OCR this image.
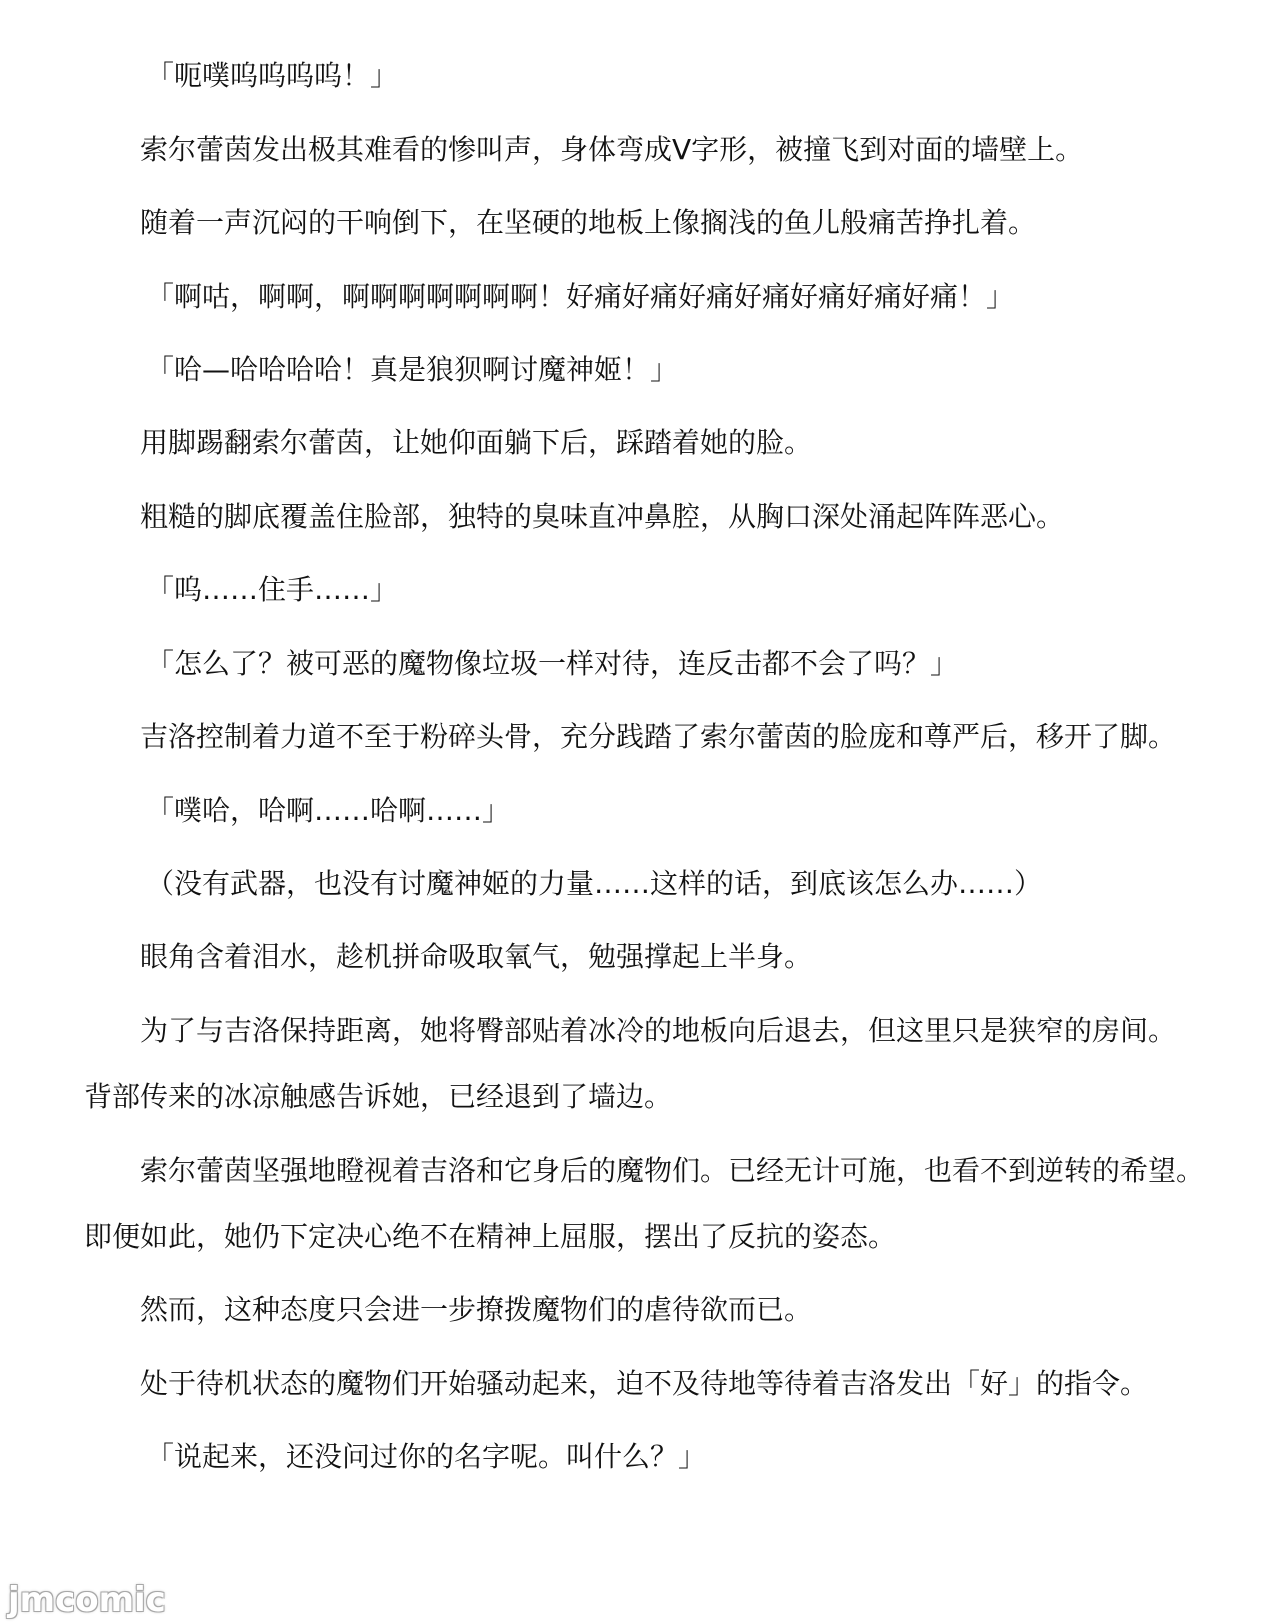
「呃噗呜呜呜呜！」
索尔蕾茵发出极其难看的惨叫声，身体弯成V字形，被撞飞到对面的墙壁上。
随着一声沉闷的干响倒下，在坚硬的地板上像搁浅的鱼儿般痛苦挣扎着。
「啊咕，啊啊，啊啊啊啊啊啊啊！好痛好痛好痛好痛好痛好痛好痛！」
「哈—哈哈哈哈！真是狼狈啊讨魔神姬！」
用脚踢翻索尔蕾茵，让她仰面躺下后，踩踏着她的脸。
粗糙的脚底覆盖住脸部，独特的臭味直冲鼻腔，从胸口深处涌起阵阵恶心。
「呜……住手……」
「怎么了？被可恶的魔物像垃圾一样对待，连反击都不会了吗？」
吉洛控制着力道不至于粉碎头骨，充分践踏了索尔蕾茵的脸庞和尊严后，移开了脚。
「噗哈，哈啊……哈啊……」
（没有武器，也没有讨魔神姬的力量……这样的话，到底该怎么办……）
眼角含着泪水，趁机拼命吸取氧气，勉强撑起上半身。
为了与吉洛保持距离，她将臀部贴着冰冷的地板向后退去，但这里只是狭窄的房间。
背部传来的冰凉触感告诉她，已经退到了墙边。
索尔蕾茵坚强地瞪视着吉洛和它身后的魔物们。已经无计可施，也看不到逆转的希望。
即便如此，她仍下定决心绝不在精神上屈服，摆出了反抗的姿态。
然而，这种态度只会进一步撩拨魔物们的虐待欲而已。
处于待机状态的魔物们开始骚动起来，迫不及待地等待着吉洛发出「好」的指令。
「说起来，还没问过你的名字呢。叫什么？」
jmcomic
